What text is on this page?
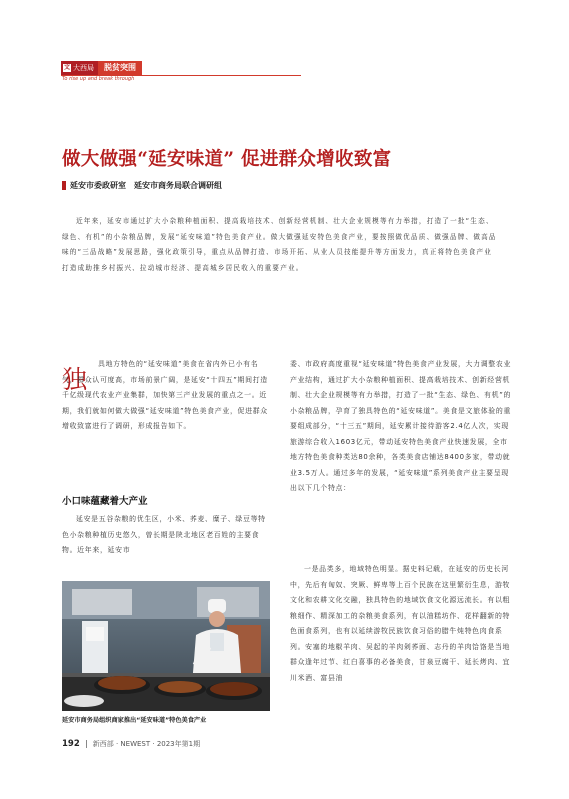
文 大西局	脱贫突围
To rise up and break through
做大做强“延安味道” 促进群众增收致富
延安市委政研室　延安市商务局联合调研组

近年来，延安市通过扩大小杂粮种植面积、提高栽培技术、创新经营机制、壮大企业规模等有力举措，打造了一批“生态、绿色、有机”的小杂粮品牌，发展“延安味道”特色美食产业。做大做强延安特色美食产业，要按照做优品质、做强品牌、做高品味的“三品战略”发展思路，强化政策引导，重点从品牌打造、市场开拓、从业人员技能提升等方面发力，真正将特色美食产业打造成助推乡村振兴、拉动城市经济、提高城乡居民收入的重要产业。

独

具地方特色的“延安味道”美食在省内外已小有名气，群众认可度高，市场前景广阔，是延安“十四五”期间打造千亿级现代农业产业集群，加快第三产业发展的重点之一。近期，我们就如何做大做强“延安味道”特色美食产业，促进群众增收致富进行了调研，形成报告如下。

小口味蕴藏着大产业

延安是五谷杂粮的优生区，小米、荞麦、糜子、绿豆等特色小杂粮种植历史悠久，曾长期是陕北地区老百姓的主要食物。近年来，延安市

延安市商务局组织商家推出“延安味道”特色美食产业

委、市政府高度重视“延安味道”特色美食产业发展，大力调整农业产业结构，通过扩大小杂粮种植面积、提高栽培技术、创新经营机制、壮大企业规模等有力举措，打造了一批“生态、绿色、有机”的小杂粮品牌，孕育了独具特色的“延安味道”。美食是文旅体验的重要组成部分，“十三五”期间，延安累计接待游客2.4亿人次，实现旅游综合收入1603亿元，带动延安特色美食产业快速发展，全市地方特色美食种类达80余种，各类美食店铺达8400多家，带动就业3.5万人。通过多年的发展，“延安味道”系列美食产业主要呈现出以下几个特点：

一是品类多，地域特色明显。据史料记载，在延安的历史长河中，先后有匈奴、突厥、鲜卑等上百个民族在这里繁衍生息，游牧文化和农耕文化交融，独具特色的地域饮食文化源远流长。有以粗粮细作、精深加工的杂粮美食系列，有以油糕坊作、花样翻新的特色面食系列，也有以延续游牧民族饮食习俗的腊牛炖特色肉食系列。安塞的地椒羊肉、吴起的羊肉剁荞面、志丹的羊肉饸饹是当地群众逢年过节、红白喜事的必备美食，甘泉豆腐干、延长烤肉、宜川米酒、富县油

192 新西部 · NEWEST · 2023年第1期
